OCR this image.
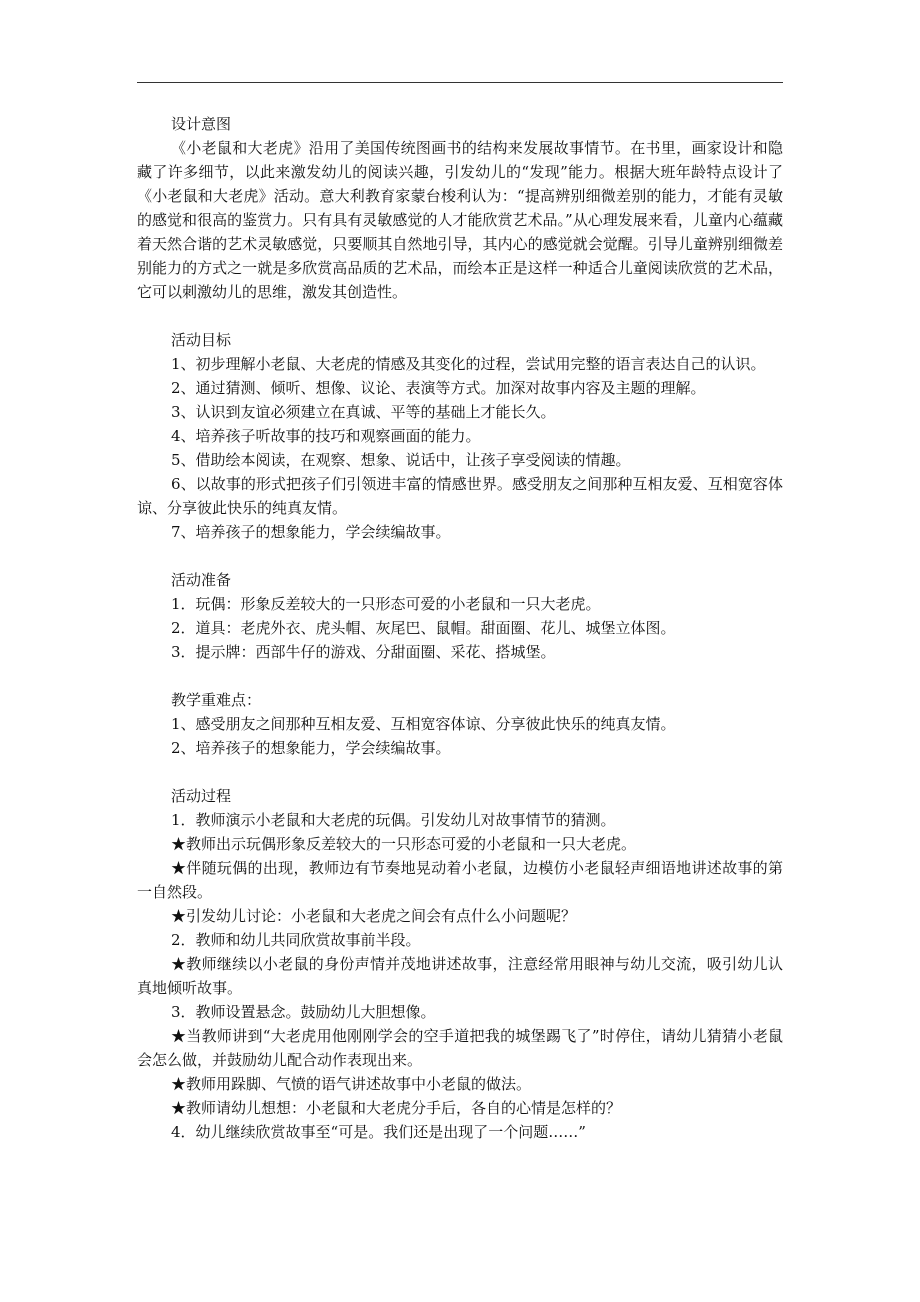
设计意图

《小老鼠和大老虎》沿用了美国传统图画书的结构来发展故事情节。在书里，画家设计和隐藏了许多细节，以此来激发幼儿的阅读兴趣，引发幼儿的“发现”能力。根据大班年龄特点设计了《小老鼠和大老虎》活动。意大利教育家蒙台梭利认为：“提高辨别细微差别的能力，才能有灵敏的感觉和很高的鉴赏力。只有具有灵敏感觉的人才能欣赏艺术品。”从心理发展来看，儿童内心蕴藏着天然合谐的艺术灵敏感觉，只要顺其自然地引导，其内心的感觉就会觉醒。引导儿童辨别细微差别能力的方式之一就是多欣赏高品质的艺术品，而绘本正是这样一种适合儿童阅读欣赏的艺术品，它可以刺激幼儿的思维，激发其创造性。

活动目标

1、初步理解小老鼠、大老虎的情感及其变化的过程，尝试用完整的语言表达自己的认识。

2、通过猜测、倾听、想像、议论、表演等方式。加深对故事内容及主题的理解。

3、认识到友谊必须建立在真诚、平等的基础上才能长久。

4、培养孩子听故事的技巧和观察画面的能力。

5、借助绘本阅读，在观察、想象、说话中，让孩子享受阅读的情趣。

6、以故事的形式把孩子们引领进丰富的情感世界。感受朋友之间那种互相友爱、互相宽容体谅、分享彼此快乐的纯真友情。

7、培养孩子的想象能力，学会续编故事。

活动准备

1．玩偶：形象反差较大的一只形态可爱的小老鼠和一只大老虎。

2．道具：老虎外衣、虎头帽、灰尾巴、鼠帽。甜面圈、花儿、城堡立体图。

3．提示牌：西部牛仔的游戏、分甜面圈、采花、搭城堡。

教学重难点：

1、感受朋友之间那种互相友爱、互相宽容体谅、分享彼此快乐的纯真友情。

2、培养孩子的想象能力，学会续编故事。

活动过程

1．教师演示小老鼠和大老虎的玩偶。引发幼儿对故事情节的猜测。

★教师出示玩偶形象反差较大的一只形态可爱的小老鼠和一只大老虎。

★伴随玩偶的出现，教师边有节奏地晃动着小老鼠，边模仿小老鼠轻声细语地讲述故事的第一自然段。

★引发幼儿讨论：小老鼠和大老虎之间会有点什么小问题呢？

2．教师和幼儿共同欣赏故事前半段。

★教师继续以小老鼠的身份声情并茂地讲述故事，注意经常用眼神与幼儿交流，吸引幼儿认真地倾听故事。

3．教师设置悬念。鼓励幼儿大胆想像。

★当教师讲到“大老虎用他刚刚学会的空手道把我的城堡踢飞了”时停住，请幼儿猜猜小老鼠会怎么做，并鼓励幼儿配合动作表现出来。

★教师用跺脚、气愤的语气讲述故事中小老鼠的做法。

★教师请幼儿想想：小老鼠和大老虎分手后，各自的心情是怎样的？

4．幼儿继续欣赏故事至“可是。我们还是出现了一个问题……”
